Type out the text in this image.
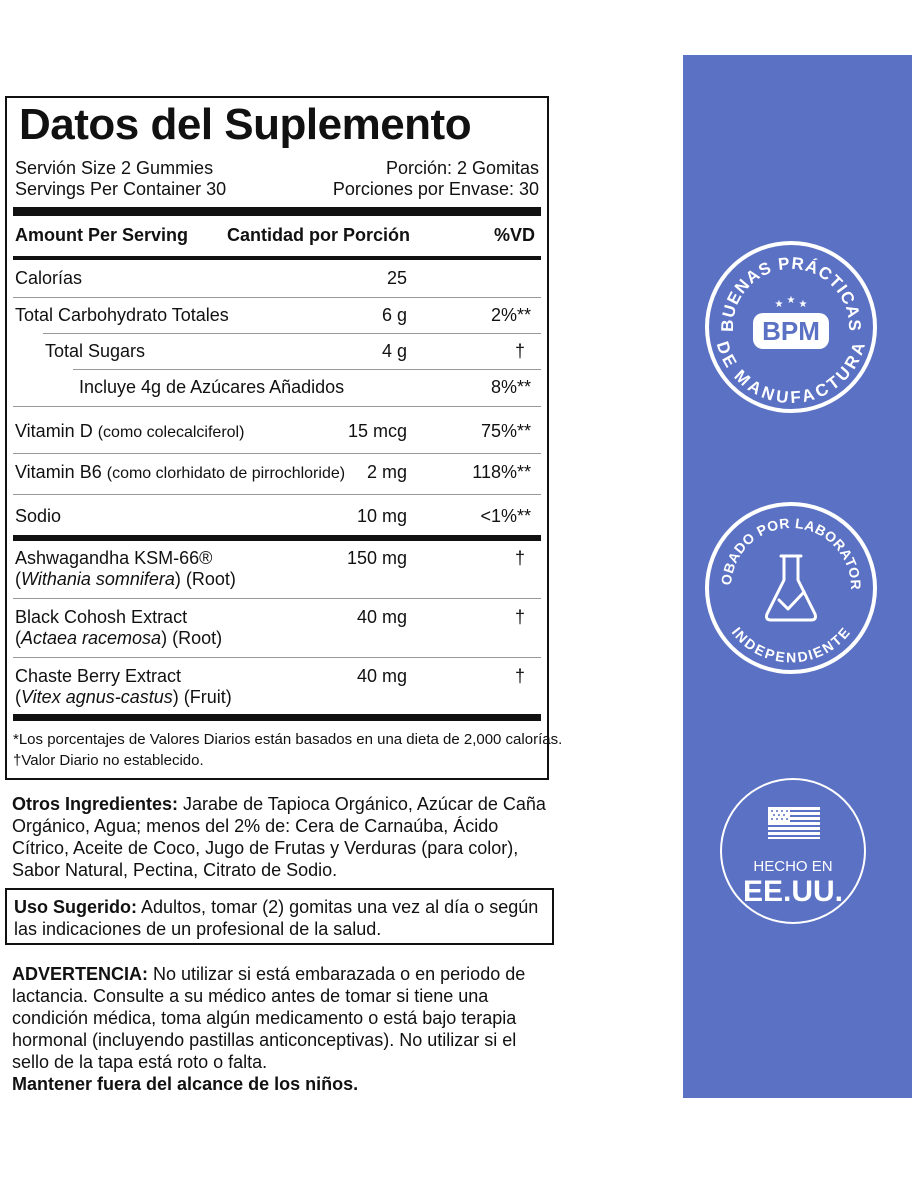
Datos del Suplemento
Servión Size 2 Gummies	Porción: 2 Gomitas
Servings Per Container 30	Porciones por Envase: 30
Amount Per Serving Cantidad por Porción	%VD
Calorías	25
Total Carbohydrato Totales	6 g	2%**
Total Sugars	4 g	†
Incluye 4g de Azúcares Añadidos	8%**
Vitamin D (como colecalciferol)	15 mcg	75%**
Vitamin B6 (como clorhidato de pirrochloride) 2 mg	118%**
Sodio	10 mg	<1%**
Ashwagandha KSM-66®
(Withania somnifera) (Root)
150 mg	†
Black Cohosh Extract
(Actaea racemosa) (Root)
40 mg	†
Chaste Berry Extract
(Vitex agnus-castus) (Fruit)
40 mg	†
*Los porcentajes de Valores Diarios están basados en una dieta de 2,000 calorías.
†Valor Diario no establecido.
Otros Ingredientes: Jarabe de Tapioca Orgánico, Azúcar de Caña Orgánico, Agua; menos del 2% de: Cera de Carnaúba, Ácido Cítrico, Aceite de Coco, Jugo de Frutas y Verduras (para color), Sabor Natural, Pectina, Citrato de Sodio.
Uso Sugerido: Adultos, tomar (2) gomitas una vez al día o según las indicaciones de un profesional de la salud.
ADVERTENCIA: No utilizar si está embarazada o en periodo de lactancia. Consulte a su médico antes de tomar si tiene una condición médica, toma algún medicamento o está bajo terapia hormonal (incluyendo pastillas anticonceptivas). No utilizar si el sello de la tapa está roto o falta.
Mantener fuera del alcance de los niños.
BUENAS PRÁCTICAS
DE MANUFACTURA
★ ★ ★
BPM
OBADO POR LABORATOR
INDEPENDIENTE
HECHO EN
EE.UU.
